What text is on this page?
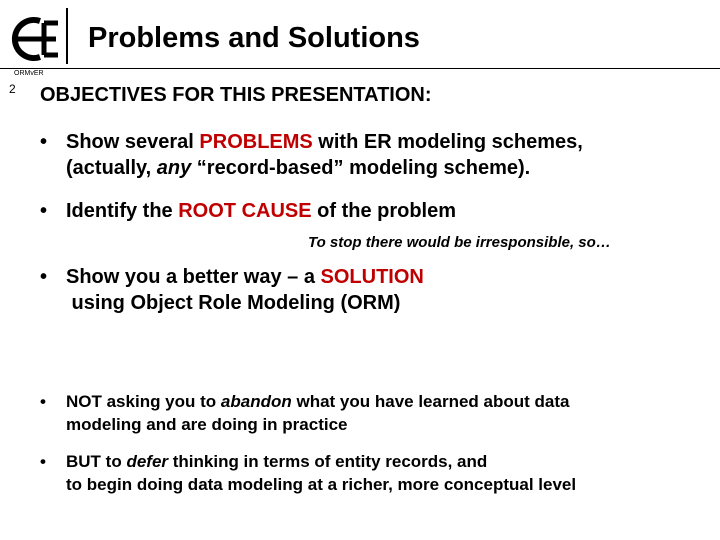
Problems and Solutions
ORMvER
2 OBJECTIVES FOR THIS PRESENTATION:
• Show several PROBLEMS with ER modeling schemes,
(actually, any “record-based” modeling scheme).
• Identify the ROOT CAUSE of the problem
To stop there would be irresponsible, so…
• Show you a better way – a SOLUTION
using Object Role Modeling (ORM)
• NOT asking you to abandon what you have learned about data
modeling and are doing in practice
• BUT to defer thinking in terms of entity records, and
to begin doing data modeling at a richer, more conceptual level
